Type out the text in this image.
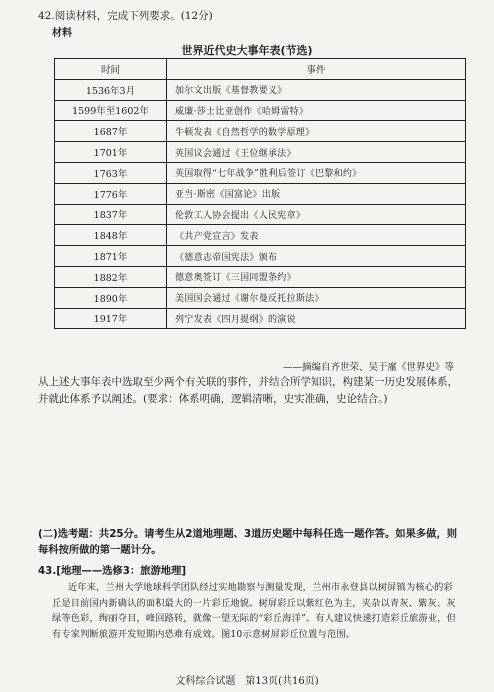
42.阅读材料，完成下列要求。(12分)
材料
世界近代史大事年表(节选)
时间	事件
1536年3月	加尔文出版《基督教要义》
1599年至1602年	威廉·莎士比亚创作《哈姆雷特》
1687年	牛顿发表《自然哲学的数学原理》
1701年	英国议会通过《王位继承法》
1763年	英国取得“七年战争”胜利后签订《巴黎和约》
1776年	亚当·斯密《国富论》出版
1837年	伦敦工人协会提出《人民宪章》
1848年	《共产党宣言》发表
1871年	《德意志帝国宪法》颁布
1882年	德意奥签订《三国同盟条约》
1890年	美国国会通过《谢尔曼反托拉斯法》
1917年	列宁发表《四月提纲》的演说
——摘编自齐世荣、吴于廑《世界史》等
从上述大事年表中选取至少两个有关联的事件，并结合所学知识，构建某一历史发展体系，并就此体系予以阐述。(要求：体系明确，逻辑清晰，史实准确，史论结合。)
(二)选考题：共25分。请考生从2道地理题、3道历史题中每科任选一题作答。如果多做，则每科按所做的第一题计分。
43.[地理——选修3：旅游地理]
近年来，兰州大学地球科学团队经过实地勘察与测量发现，兰州市永登县以树屏镇为核心的彩丘是目前国内新确认的面积最大的一片彩丘地貌。树屏彩丘以紫红色为主，夹杂以青灰、紫灰、灰绿等色彩，绚丽夺目，峰回路转，就像一望无际的“彩丘海洋”。有人建议快速打造彩丘旅游业，但有专家判断旅游开发短期内恐难有成效。图10示意树屏彩丘位置与范围。
文科综合试题　第13页(共16页)
